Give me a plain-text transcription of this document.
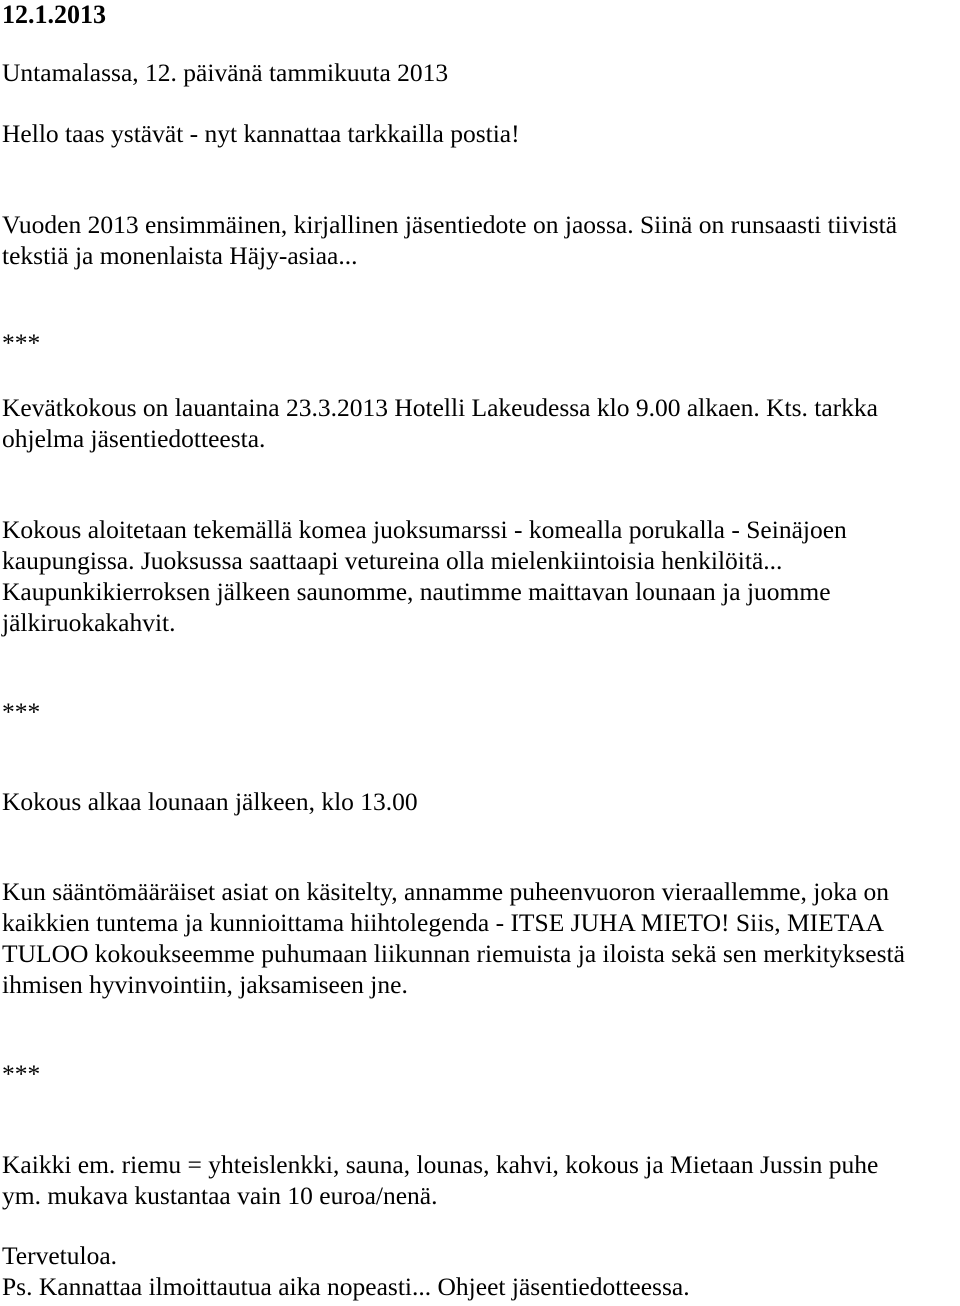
12.1.2013
Untamalassa, 12. päivänä tammikuuta 2013
Hello taas ystävät - nyt kannattaa tarkkailla postia!
Vuoden 2013 ensimmäinen, kirjallinen jäsentiedote on jaossa. Siinä on runsaasti tiivistä
tekstiä ja monenlaista Häjy-asiaa...
***
Kevätkokous on lauantaina 23.3.2013 Hotelli Lakeudessa klo 9.00 alkaen. Kts. tarkka
ohjelma jäsentiedotteesta.
Kokous aloitetaan tekemällä komea juoksumarssi - komealla porukalla - Seinäjoen
kaupungissa. Juoksussa saattaapi vetureina olla mielenkiintoisia henkilöitä...
Kaupunkikierroksen jälkeen saunomme, nautimme maittavan lounaan ja juomme
jälkiruokakahvit.
***
Kokous alkaa lounaan jälkeen, klo 13.00
Kun sääntömääräiset asiat on käsitelty, annamme puheenvuoron vieraallemme, joka on
kaikkien tuntema ja kunnioittama hiihtolegenda - ITSE JUHA MIETO! Siis, MIETAA
TULOO kokoukseemme puhumaan liikunnan riemuista ja iloista sekä sen merkityksestä
ihmisen hyvinvointiin, jaksamiseen jne.
***
Kaikki em. riemu = yhteislenkki, sauna, lounas, kahvi, kokous ja Mietaan Jussin puhe
ym. mukava kustantaa vain 10 euroa/nenä.
Tervetuloa.
Ps. Kannattaa ilmoittautua aika nopeasti... Ohjeet jäsentiedotteessa.
